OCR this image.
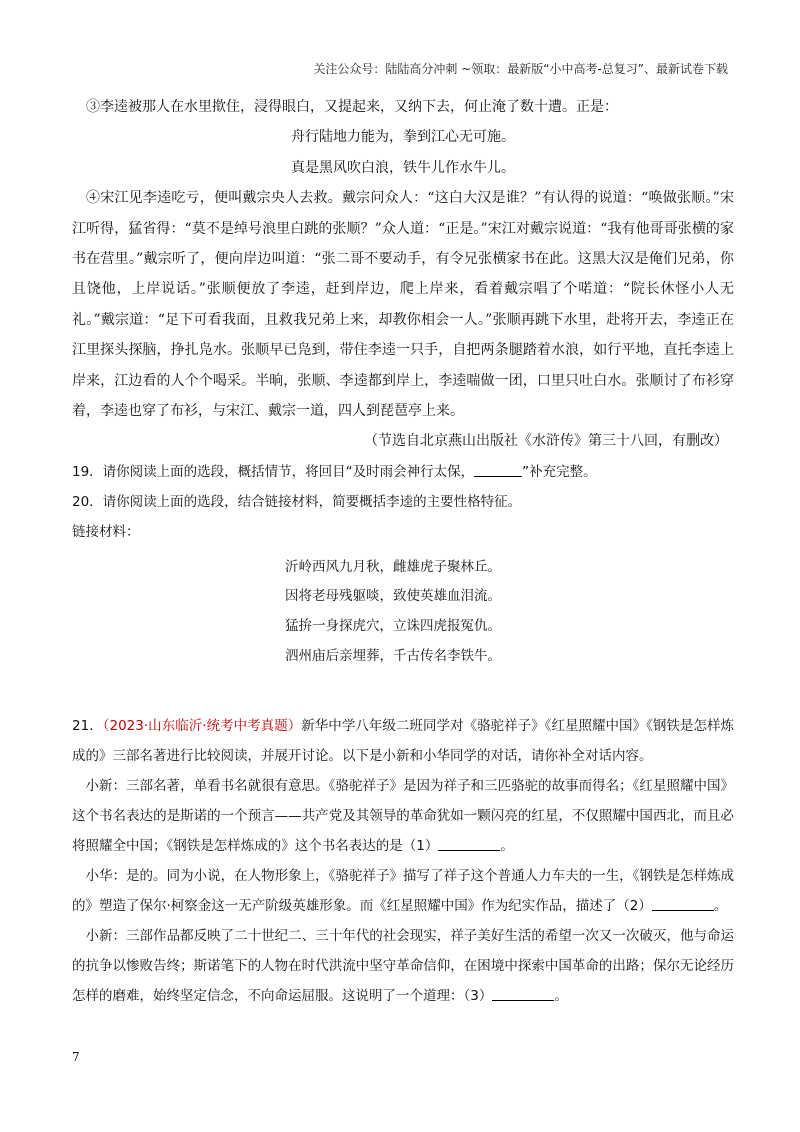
关注公众号：陆陆高分冲刺 ~领取：最新版“小中高考-总复习”、最新试卷下载

③李逵被那人在水里揿住，浸得眼白，又提起来，又纳下去，何止淹了数十遭。正是：

舟行陆地力能为，拳到江心无可施。

真是黑风吹白浪，铁牛儿作水牛儿。

④宋江见李逵吃亏，便叫戴宗央人去救。戴宗问众人：“这白大汉是谁？”有认得的说道：“唤做张顺。”宋江听得，猛省得：“莫不是绰号浪里白跳的张顺？”众人道：“正是。”宋江对戴宗说道：“我有他哥哥张横的家书在营里。”戴宗听了，便向岸边叫道：“张二哥不要动手，有令兄张横家书在此。这黑大汉是俺们兄弟，你且饶他，上岸说话。”张顺便放了李逵，赶到岸边，爬上岸来，看着戴宗唱了个喏道：“院长休怪小人无礼。”戴宗道：“足下可看我面，且救我兄弟上来，却教你相会一人。”张顺再跳下水里，赴将开去，李逵正在江里探头探脑，挣扎凫水。张顺早已凫到，带住李逵一只手，自把两条腿踏着水浪，如行平地，直托李逵上岸来，江边看的人个个喝采。半晌，张顺、李逵都到岸上，李逵喘做一团，口里只吐白水。张顺讨了布衫穿着，李逵也穿了布衫，与宋江、戴宗一道，四人到琵琶亭上来。

（节选自北京燕山出版社《水浒传》第三十八回，有删改）

19．请你阅读上面的选段，概括情节，将回目“及时雨会神行太保，	”补充完整。

20．请你阅读上面的选段，结合链接材料，简要概括李逵的主要性格特征。

链接材料：

沂岭西风九月秋，雌雄虎子聚林丘。

因将老母残躯啖，致使英雄血泪流。

猛拚一身探虎穴，立诛四虎报冤仇。

泗州庙后亲埋葬，千古传名李铁牛。

21．（2023·山东临沂·统考中考真题）新华中学八年级二班同学对《骆驼祥子》《红星照耀中国》《钢铁是怎样炼成的》三部名著进行比较阅读，并展开讨论。以下是小新和小华同学的对话，请你补全对话内容。

小新：三部名著，单看书名就很有意思。《骆驼祥子》是因为祥子和三匹骆驼的故事而得名；《红星照耀中国》这个书名表达的是斯诺的一个预言——共产党及其领导的革命犹如一颗闪亮的红星，不仅照耀中国西北，而且必将照耀全中国；《钢铁是怎样炼成的》这个书名表达的是（1）	。

小华：是的。同为小说，在人物形象上，《骆驼祥子》描写了祥子这个普通人力车夫的一生，《钢铁是怎样炼成的》塑造了保尔·柯察金这一无产阶级英雄形象。而《红星照耀中国》作为纪实作品，描述了（2）	。

小新：三部作品都反映了二十世纪二、三十年代的社会现实，祥子美好生活的希望一次又一次破灭，他与命运的抗争以惨败告终；斯诺笔下的人物在时代洪流中坚守革命信仰，在困境中探索中国革命的出路；保尔无论经历怎样的磨难，始终坚定信念，不向命运屈服。这说明了一个道理：（3）	。

7
